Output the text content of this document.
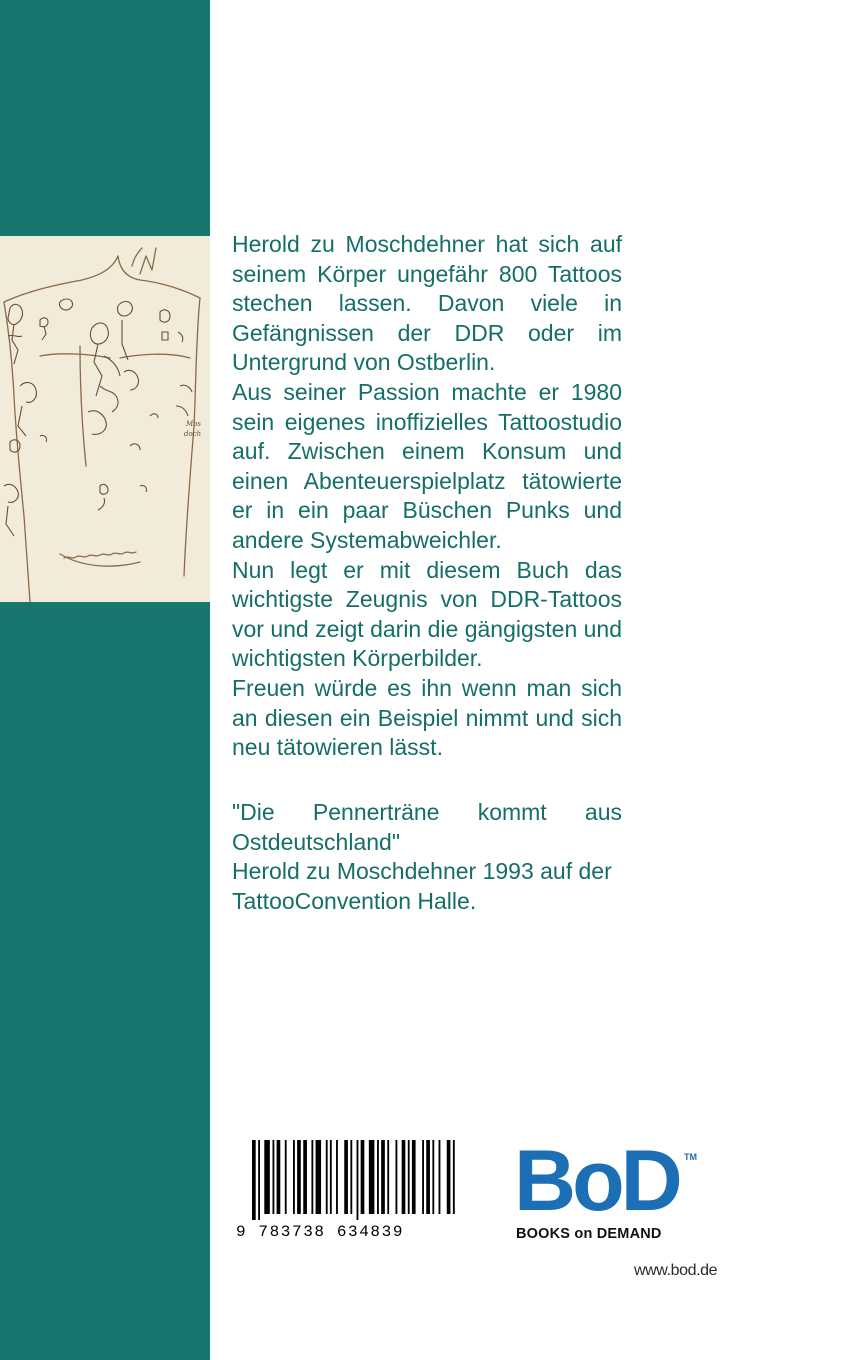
Mos
doch

Herold zu Moschdehner hat sich auf seinem Körper ungefähr 800 Tattoos stechen lassen. Davon viele in Gefängnissen der DDR oder im Untergrund von Ostberlin.

Aus seiner Passion machte er 1980 sein eigenes inoffizielles Tattoostudio auf. Zwischen einem Konsum und einen Abenteuerspielplatz tätowierte er in ein paar Büschen Punks und andere Systemabweichler.

Nun legt er mit diesem Buch das wichtigste Zeugnis von DDR-Tattoos vor und zeigt darin die gängigsten und wichtigsten Körperbilder.

Freuen würde es ihn wenn man sich an diesen ein Beispiel nimmt und sich neu tätowieren lässt.

"Die Pennerträne kommt aus Ostdeutschland"

Herold zu Moschdehner 1993 auf der TattooConvention Halle.

9 783738 634839
BoD TM
BOOKS on DEMAND
www.bod.de
